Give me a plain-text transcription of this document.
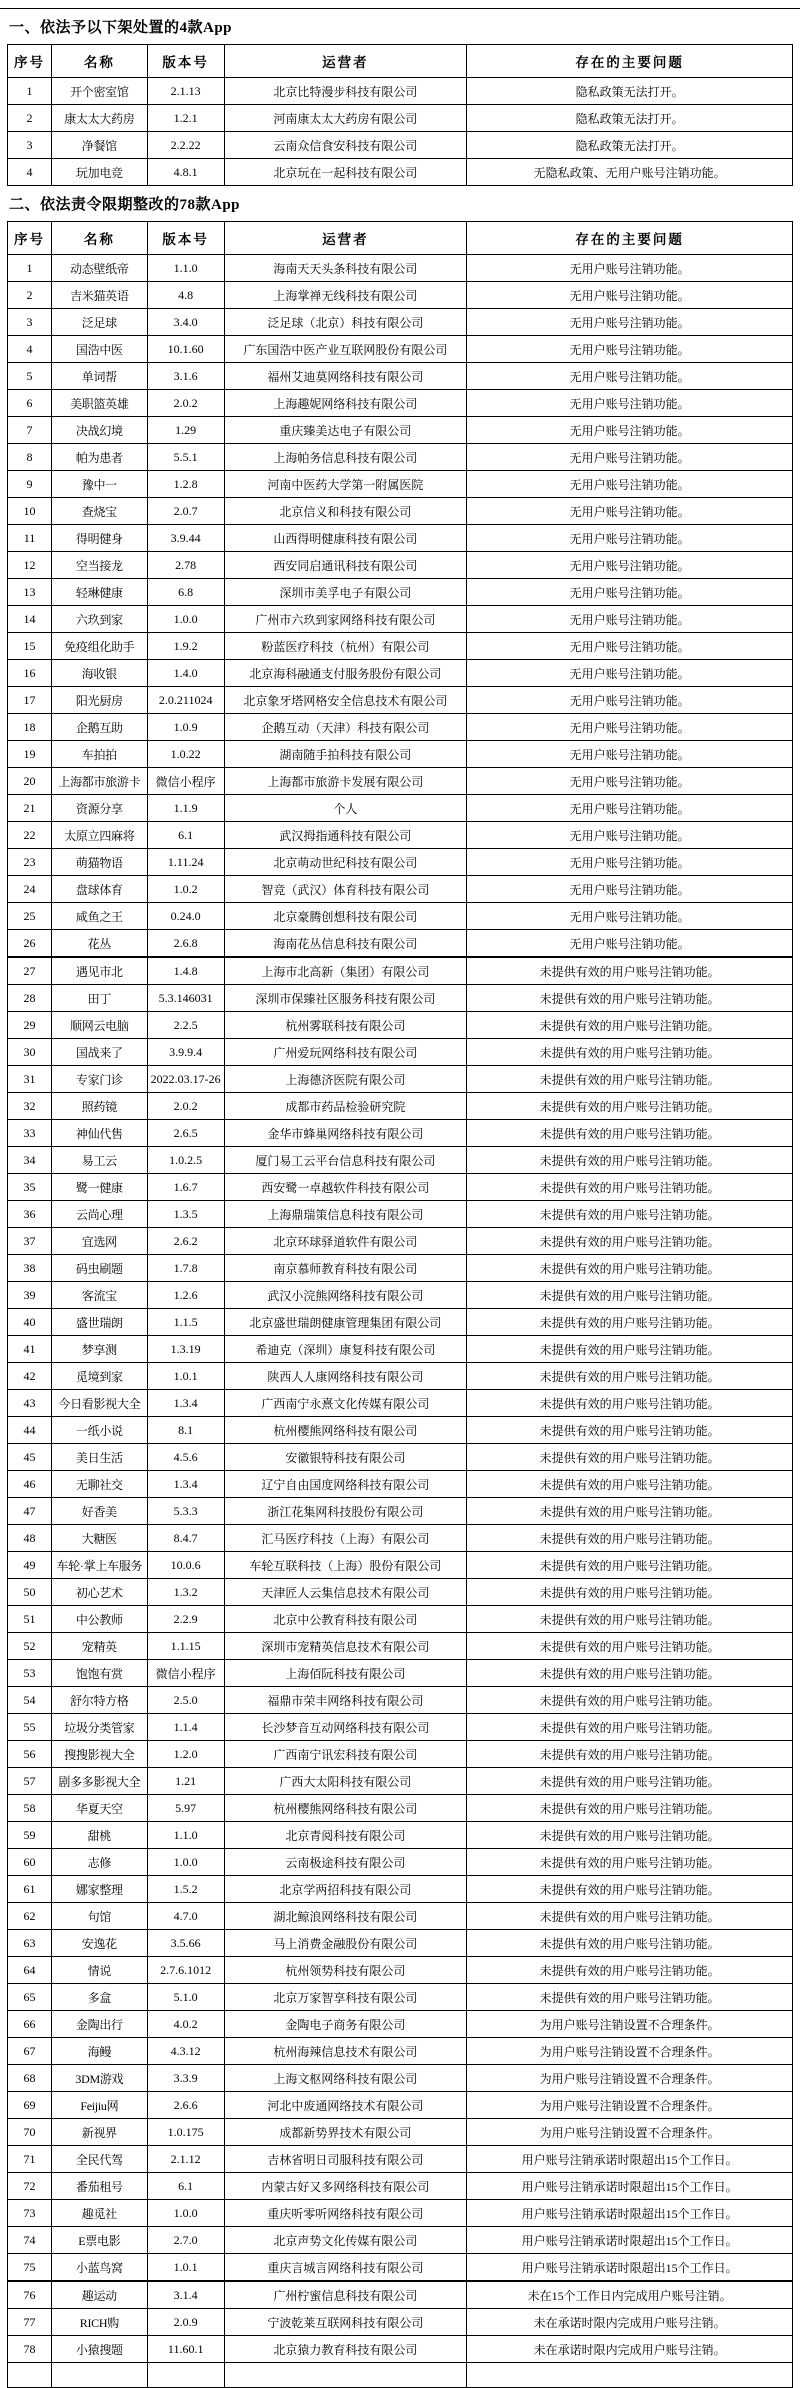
一、依法予以下架处置的4款App
序号	名称	版本号	运营者	存在的主要问题
1	开个密室馆	2.1.13	北京比特漫步科技有限公司	隐私政策无法打开。
2	康太太大药房	1.2.1	河南康太太大药房有限公司	隐私政策无法打开。
3	净餐馆	2.2.22	云南众信食安科技有限公司	隐私政策无法打开。
4	玩加电竞	4.8.1	北京玩在一起科技有限公司	无隐私政策、无用户账号注销功能。
二、依法责令限期整改的78款App
序号	名称	版本号	运营者	存在的主要问题
1	动态壁纸帝	1.1.0	海南天天头条科技有限公司	无用户账号注销功能。
2	吉米猫英语	4.8	上海掌禅无线科技有限公司	无用户账号注销功能。
3	泛足球	3.4.0	泛足球（北京）科技有限公司	无用户账号注销功能。
4	国浩中医	10.1.60	广东国浩中医产业互联网股份有限公司	无用户账号注销功能。
5	单词帮	3.1.6	福州艾迪莫网络科技有限公司	无用户账号注销功能。
6	美职篮英雄	2.0.2	上海趣妮网络科技有限公司	无用户账号注销功能。
7	决战幻境	1.29	重庆臻美达电子有限公司	无用户账号注销功能。
8	帕为患者	5.5.1	上海帕务信息科技有限公司	无用户账号注销功能。
9	豫中一	1.2.8	河南中医药大学第一附属医院	无用户账号注销功能。
10	查烧宝	2.0.7	北京信义和科技有限公司	无用户账号注销功能。
11	得明健身	3.9.44	山西得明健康科技有限公司	无用户账号注销功能。
12	空当接龙	2.78	西安同启通讯科技有限公司	无用户账号注销功能。
13	轻琳健康	6.8	深圳市美孚电子有限公司	无用户账号注销功能。
14	六玖到家	1.0.0	广州市六玖到家网络科技有限公司	无用户账号注销功能。
15	免疫组化助手	1.9.2	粉蓝医疗科技（杭州）有限公司	无用户账号注销功能。
16	海收银	1.4.0	北京海科融通支付服务股份有限公司	无用户账号注销功能。
17	阳光厨房	2.0.211024	北京象牙塔网格安全信息技术有限公司	无用户账号注销功能。
18	企鹅互助	1.0.9	企鹅互动（天津）科技有限公司	无用户账号注销功能。
19	车拍拍	1.0.22	湖南随手拍科技有限公司	无用户账号注销功能。
20	上海都市旅游卡	微信小程序	上海都市旅游卡发展有限公司	无用户账号注销功能。
21	资源分享	1.1.9	个人	无用户账号注销功能。
22	太原立四麻将	6.1	武汉拇指通科技有限公司	无用户账号注销功能。
23	萌猫物语	1.11.24	北京萌动世纪科技有限公司	无用户账号注销功能。
24	盘球体育	1.0.2	智竞（武汉）体育科技有限公司	无用户账号注销功能。
25	咸鱼之王	0.24.0	北京豪腾创想科技有限公司	无用户账号注销功能。
26	花丛	2.6.8	海南花丛信息科技有限公司	无用户账号注销功能。
27	遇见市北	1.4.8	上海市北高新（集团）有限公司	未提供有效的用户账号注销功能。
28	田丁	5.3.146031	深圳市保臻社区服务科技有限公司	未提供有效的用户账号注销功能。
29	顺网云电脑	2.2.5	杭州雾联科技有限公司	未提供有效的用户账号注销功能。
30	国战来了	3.9.9.4	广州爱玩网络科技有限公司	未提供有效的用户账号注销功能。
31	专家门诊	2022.03.17-26	上海德济医院有限公司	未提供有效的用户账号注销功能。
32	照药镜	2.0.2	成都市药品检验研究院	未提供有效的用户账号注销功能。
33	神仙代售	2.6.5	金华市蜂巢网络科技有限公司	未提供有效的用户账号注销功能。
34	易工云	1.0.2.5	厦门易工云平台信息科技有限公司	未提供有效的用户账号注销功能。
35	鹭一健康	1.6.7	西安鹭一卓越软件科技有限公司	未提供有效的用户账号注销功能。
36	云尚心理	1.3.5	上海鼎瑞策信息科技有限公司	未提供有效的用户账号注销功能。
37	宜选网	2.6.2	北京环球驿道软件有限公司	未提供有效的用户账号注销功能。
38	码虫刷题	1.7.8	南京慕师教育科技有限公司	未提供有效的用户账号注销功能。
39	客流宝	1.2.6	武汉小浣熊网络科技有限公司	未提供有效的用户账号注销功能。
40	盛世瑞朗	1.1.5	北京盛世瑞朗健康管理集团有限公司	未提供有效的用户账号注销功能。
41	梦享测	1.3.19	希迪克（深圳）康复科技有限公司	未提供有效的用户账号注销功能。
42	觅境到家	1.0.1	陕西人人康网络科技有限公司	未提供有效的用户账号注销功能。
43	今日看影视大全	1.3.4	广西南宁永熹文化传媒有限公司	未提供有效的用户账号注销功能。
44	一纸小说	8.1	杭州樱熊网络科技有限公司	未提供有效的用户账号注销功能。
45	美日生活	4.5.6	安徽银特科技有限公司	未提供有效的用户账号注销功能。
46	无聊社交	1.3.4	辽宁自由国度网络科技有限公司	未提供有效的用户账号注销功能。
47	好香美	5.3.3	浙江花集网科技股份有限公司	未提供有效的用户账号注销功能。
48	大糖医	8.4.7	汇马医疗科技（上海）有限公司	未提供有效的用户账号注销功能。
49	车轮·掌上车服务	10.0.6	车轮互联科技（上海）股份有限公司	未提供有效的用户账号注销功能。
50	初心艺术	1.3.2	天津匠人云集信息技术有限公司	未提供有效的用户账号注销功能。
51	中公教师	2.2.9	北京中公教育科技有限公司	未提供有效的用户账号注销功能。
52	宠精英	1.1.15	深圳市宠精英信息技术有限公司	未提供有效的用户账号注销功能。
53	饱饱有赏	微信小程序	上海佰阮科技有限公司	未提供有效的用户账号注销功能。
54	舒尔特方格	2.5.0	福鼎市荣丰网络科技有限公司	未提供有效的用户账号注销功能。
55	垃圾分类管家	1.1.4	长沙梦音互动网络科技有限公司	未提供有效的用户账号注销功能。
56	搜搜影视大全	1.2.0	广西南宁讯宏科技有限公司	未提供有效的用户账号注销功能。
57	剧多多影视大全	1.21	广西大太阳科技有限公司	未提供有效的用户账号注销功能。
58	华夏天空	5.97	杭州樱熊网络科技有限公司	未提供有效的用户账号注销功能。
59	甜桃	1.1.0	北京青阅科技有限公司	未提供有效的用户账号注销功能。
60	志修	1.0.0	云南极途科技有限公司	未提供有效的用户账号注销功能。
61	娜家整理	1.5.2	北京学两招科技有限公司	未提供有效的用户账号注销功能。
62	句馆	4.7.0	湖北鲸浪网络科技有限公司	未提供有效的用户账号注销功能。
63	安逸花	3.5.66	马上消费金融股份有限公司	未提供有效的用户账号注销功能。
64	情说	2.7.6.1012	杭州领势科技有限公司	未提供有效的用户账号注销功能。
65	多盒	5.1.0	北京万家智享科技有限公司	未提供有效的用户账号注销功能。
66	金陶出行	4.0.2	金陶电子商务有限公司	为用户账号注销设置不合理条件。
67	海鳗	4.3.12	杭州海辣信息技术有限公司	为用户账号注销设置不合理条件。
68	3DM游戏	3.3.9	上海文枢网络科技有限公司	为用户账号注销设置不合理条件。
69	Feijiu网	2.6.6	河北中废通网络技术有限公司	为用户账号注销设置不合理条件。
70	新视界	1.0.175	成都新势界技术有限公司	为用户账号注销设置不合理条件。
71	全民代驾	2.1.12	吉林省明日司服科技有限公司	用户账号注销承诺时限超出15个工作日。
72	番茄租号	6.1	内蒙古好又多网络科技有限公司	用户账号注销承诺时限超出15个工作日。
73	趣觅社	1.0.0	重庆听零听网络科技有限公司	用户账号注销承诺时限超出15个工作日。
74	E票电影	2.7.0	北京声势文化传媒有限公司	用户账号注销承诺时限超出15个工作日。
75	小蓝鸟窝	1.0.1	重庆言城言网络科技有限公司	用户账号注销承诺时限超出15个工作日。
76	趣运动	3.1.4	广州柠蜜信息科技有限公司	未在15个工作日内完成用户账号注销。
77	RICH购	2.0.9	宁波乾莱互联网科技有限公司	未在承诺时限内完成用户账号注销。
78	小猿搜题	11.60.1	北京猿力教育科技有限公司	未在承诺时限内完成用户账号注销。
